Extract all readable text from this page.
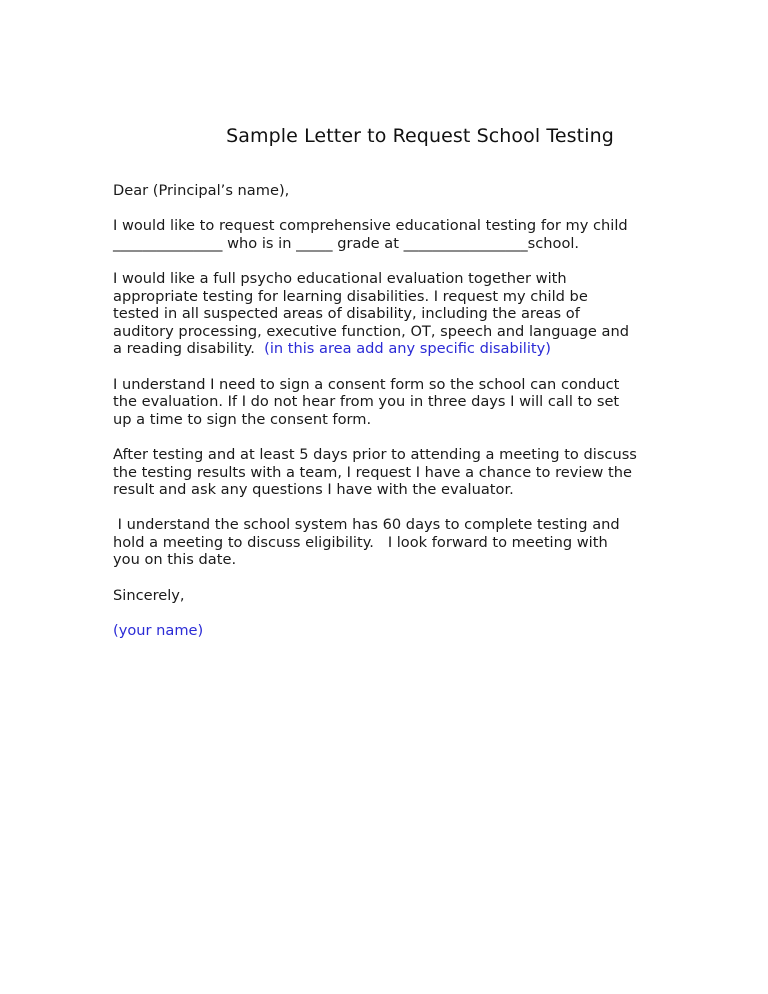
Sample Letter to Request School Testing

Dear (Principal’s name),

I would like to request comprehensive educational testing for my child
_______________ who is in _____ grade at _________________school.

I would like a full psycho educational evaluation together with
appropriate testing for learning disabilities. I request my child be
tested in all suspected areas of disability, including the areas of
auditory processing, executive function, OT, speech and language and
a reading disability.  (in this area add any specific disability)

I understand I need to sign a consent form so the school can conduct
the evaluation. If I do not hear from you in three days I will call to set
up a time to sign the consent form.

After testing and at least 5 days prior to attending a meeting to discuss
the testing results with a team, I request I have a chance to review the
result and ask any questions I have with the evaluator.

I understand the school system has 60 days to complete testing and
hold a meeting to discuss eligibility.   I look forward to meeting with
you on this date.

Sincerely,

(your name)
